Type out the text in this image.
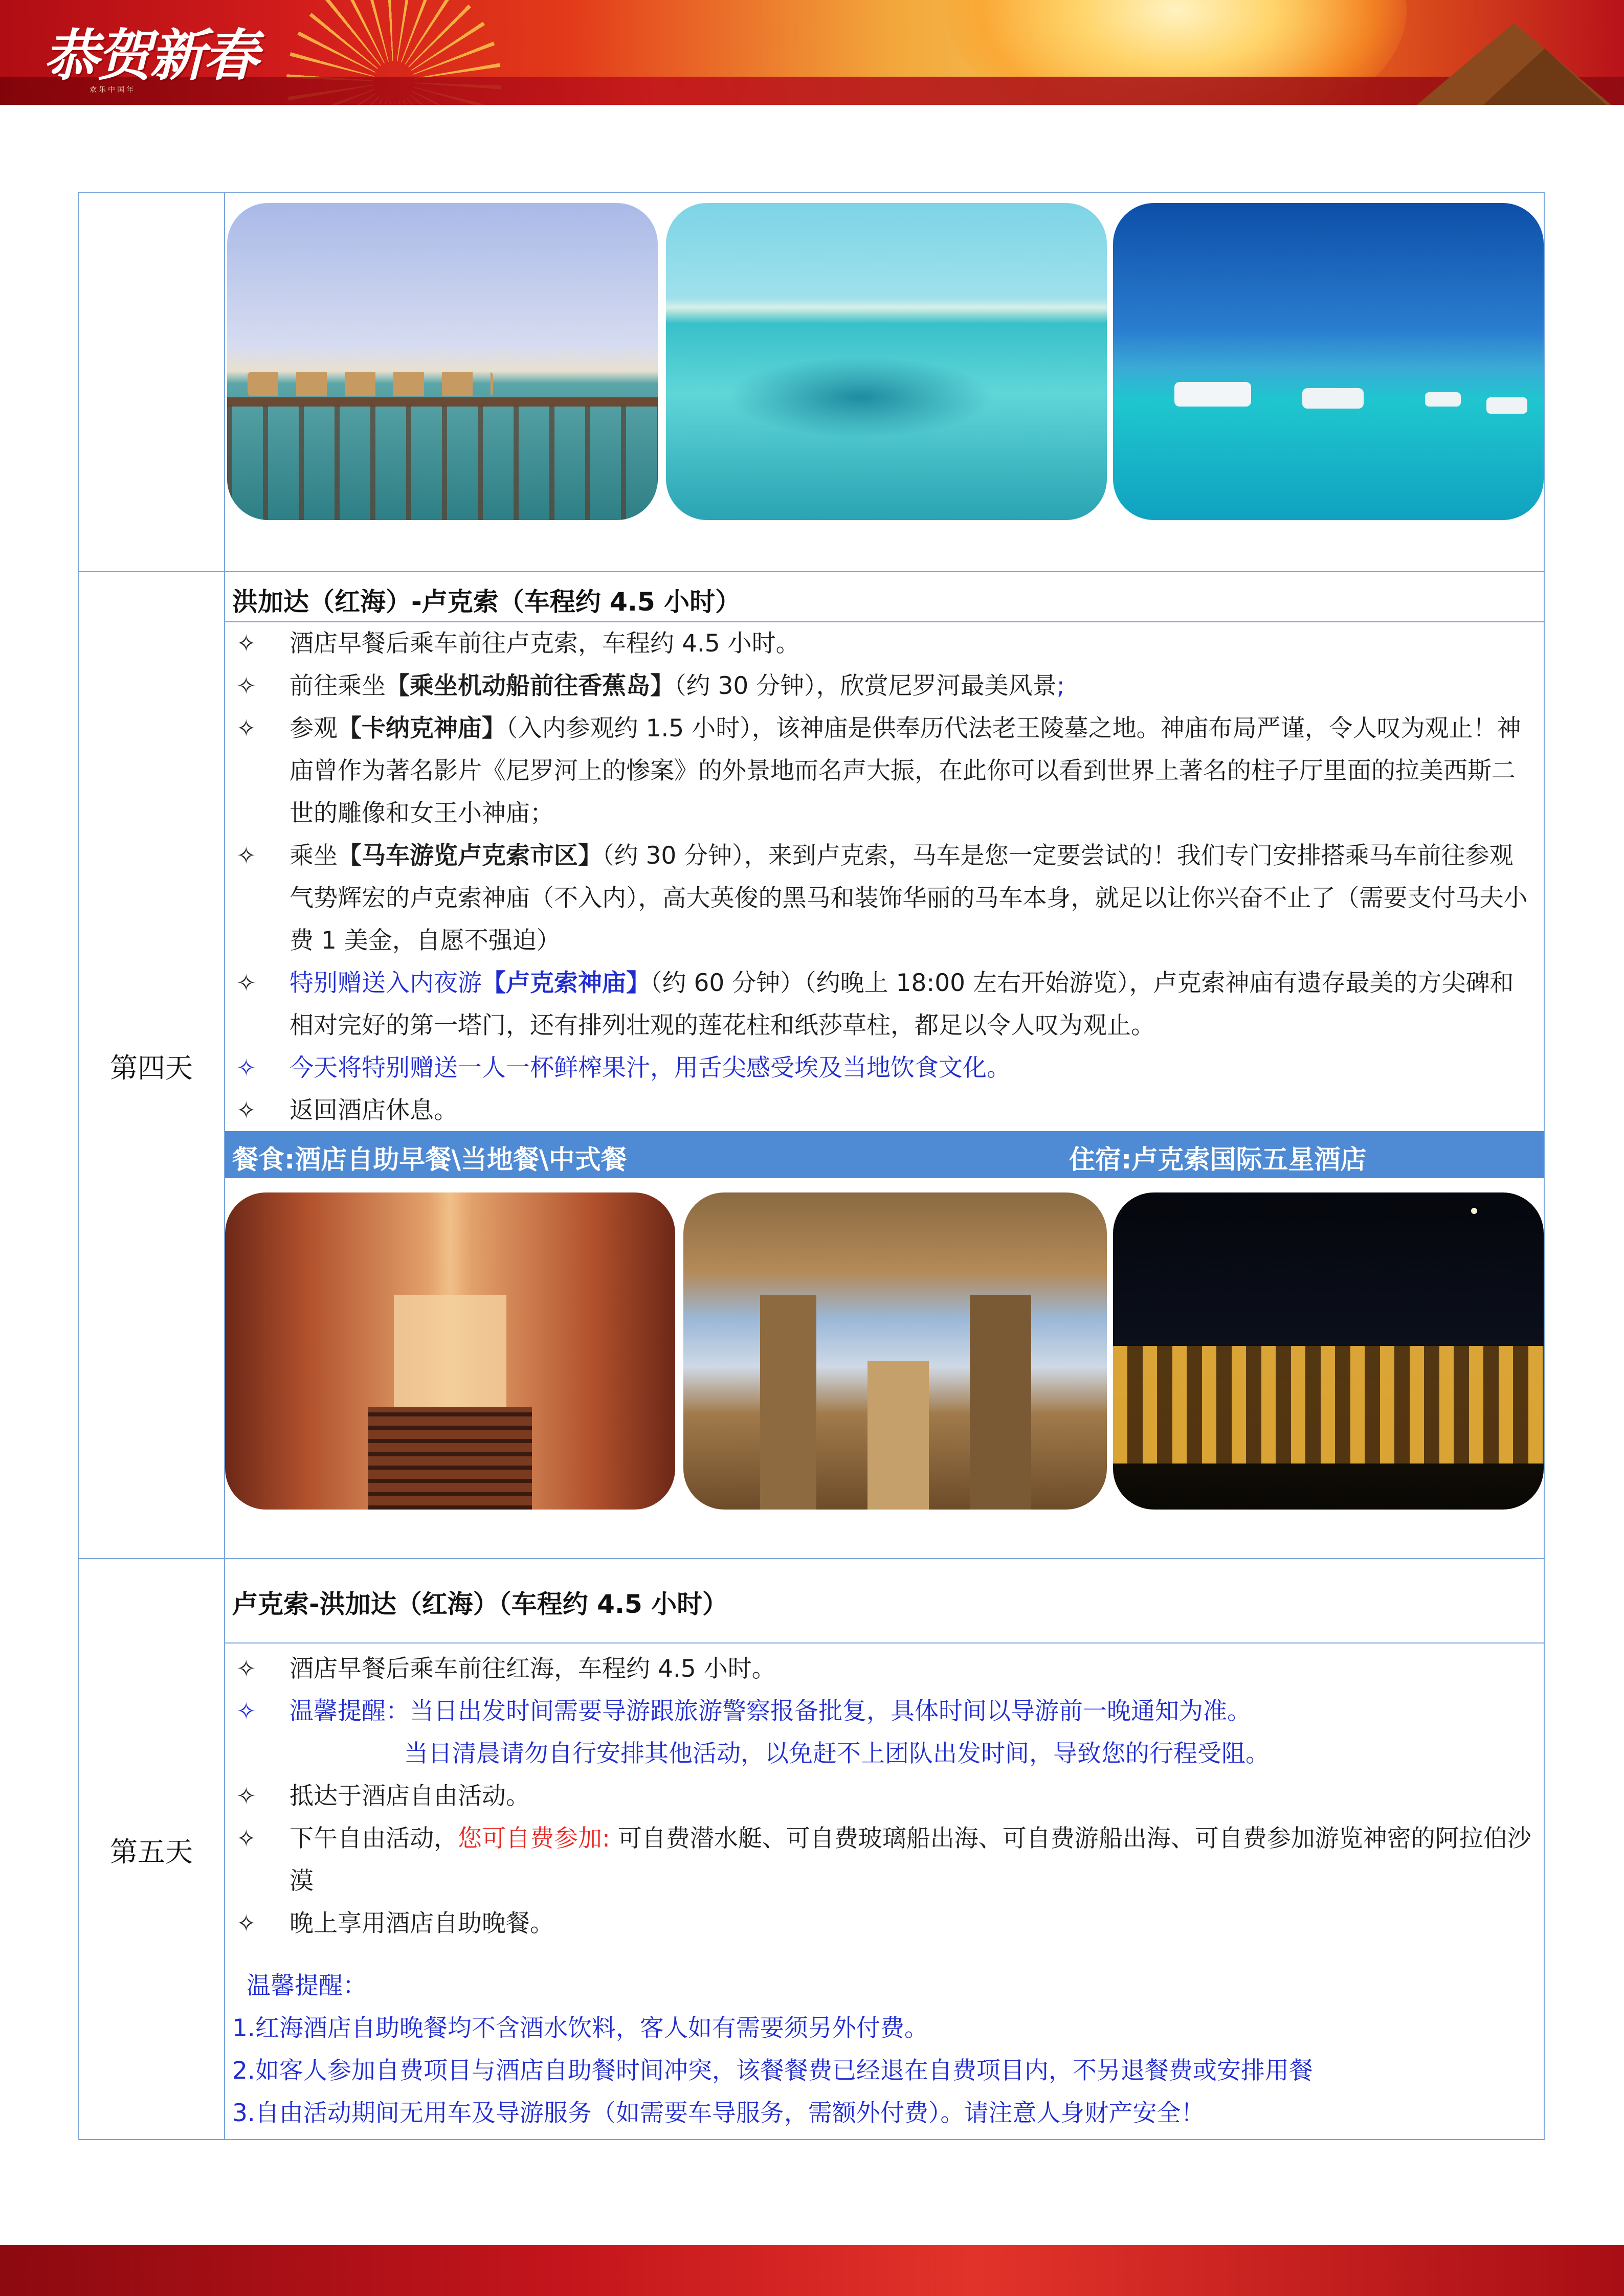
恭贺新春
欢乐中国年
第四天
洪加达（红海）-卢克索（车程约 4.5 小时）
✧ 酒店早餐后乘车前往卢克索，车程约 4.5 小时。
✧ 前往乘坐【乘坐机动船前往香蕉岛】（约 30 分钟），欣赏尼罗河最美风景;
✧ 参观【卡纳克神庙】（入内参观约 1.5 小时），该神庙是供奉历代法老王陵墓之地。神庙布局严谨，令人叹为观止！神庙曾作为著名影片《尼罗河上的惨案》的外景地而名声大振，在此你可以看到世界上著名的柱子厅里面的拉美西斯二世的雕像和女王小神庙；
✧ 乘坐【马车游览卢克索市区】（约 30 分钟），来到卢克索，马车是您一定要尝试的！我们专门安排搭乘马车前往参观气势辉宏的卢克索神庙（不入内），高大英俊的黑马和装饰华丽的马车本身，就足以让你兴奋不止了（需要支付马夫小费 1 美金，自愿不强迫）
✧ 特别赠送入内夜游【卢克索神庙】（约 60 分钟）（约晚上 18:00 左右开始游览），卢克索神庙有遗存最美的方尖碑和相对完好的第一塔门，还有排列壮观的莲花柱和纸莎草柱，都足以令人叹为观止。
✧ 今天将特别赠送一人一杯鲜榨果汁，用舌尖感受埃及当地饮食文化。
✧ 返回酒店休息。
餐食:酒店自助早餐\当地餐\中式餐	住宿:卢克索国际五星酒店
第五天
卢克索-洪加达（红海）（车程约 4.5 小时）
✧ 酒店早餐后乘车前往红海，车程约 4.5 小时。
✧ 温馨提醒：当日出发时间需要导游跟旅游警察报备批复，具体时间以导游前一晚通知为准。
当日清晨请勿自行安排其他活动，以免赶不上团队出发时间，导致您的行程受阻。
✧ 抵达于酒店自由活动。
✧ 下午自由活动，您可自费参加: 可自费潜水艇、可自费玻璃船出海、可自费游船出海、可自费参加游览神密的阿拉伯沙漠
✧ 晚上享用酒店自助晚餐。
温馨提醒：
1.红海酒店自助晚餐均不含酒水饮料，客人如有需要须另外付费。
2.如客人参加自费项目与酒店自助餐时间冲突，该餐餐费已经退在自费项目内，不另退餐费或安排用餐
3.自由活动期间无用车及导游服务（如需要车导服务，需额外付费）。请注意人身财产安全！
